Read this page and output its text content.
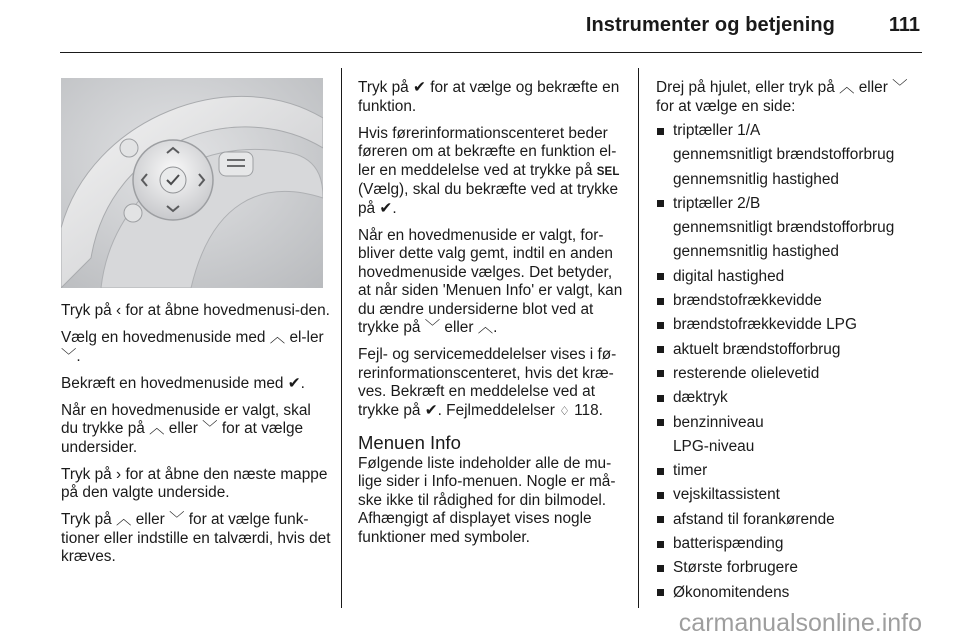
Instrumenter og betjening	111

Tryk på ‹ for at åbne hovedmenusi-den.

Vælg en hovedmenuside med ︿ el-ler ﹀.

Bekræft en hovedmenuside med ✔.

Når en hovedmenuside er valgt, skal du trykke på ︿ eller ﹀ for at vælge undersider.

Tryk på › for at åbne den næste mappe på den valgte underside.

Tryk på ︿ eller ﹀ for at vælge funk-tioner eller indstille en talværdi, hvis det kræves.

Tryk på ✔ for at vælge og bekræfte en funktion.

Hvis førerinformationscenteret beder føreren om at bekræfte en funktion el-ler en meddelelse ved at trykke på SEL (Vælg), skal du bekræfte ved at trykke på ✔.

Når en hovedmenuside er valgt, for-bliver dette valg gemt, indtil en anden hovedmenuside vælges. Det betyder, at når siden 'Menuen Info' er valgt, kan du ændre undersiderne blot ved at trykke på ﹀ eller ︿.

Fejl- og servicemeddelelser vises i fø-rerinformationscenteret, hvis det kræ-ves. Bekræft en meddelelse ved at trykke på ✔. Fejlmeddelelser ♢ 118.

Menuen Info

Følgende liste indeholder alle de mu-lige sider i Info-menuen. Nogle er må-ske ikke til rådighed for din bilmodel. Afhængigt af displayet vises nogle funktioner med symboler.

Drej på hjulet, eller tryk på ︿ eller ﹀ for at vælge en side:

triptæller 1/A
gennemsnitligt brændstofforbrug
gennemsnitlig hastighed
triptæller 2/B
gennemsnitligt brændstofforbrug
gennemsnitlig hastighed
digital hastighed
brændstofrækkevidde
brændstofrækkevidde LPG
aktuelt brændstofforbrug
resterende olielevetid
dæktryk
benzinniveau
LPG-niveau
timer
vejskiltassistent
afstand til forankørende
batterispænding
Største forbrugere
Økonomitendens
carmanualsonline.info
